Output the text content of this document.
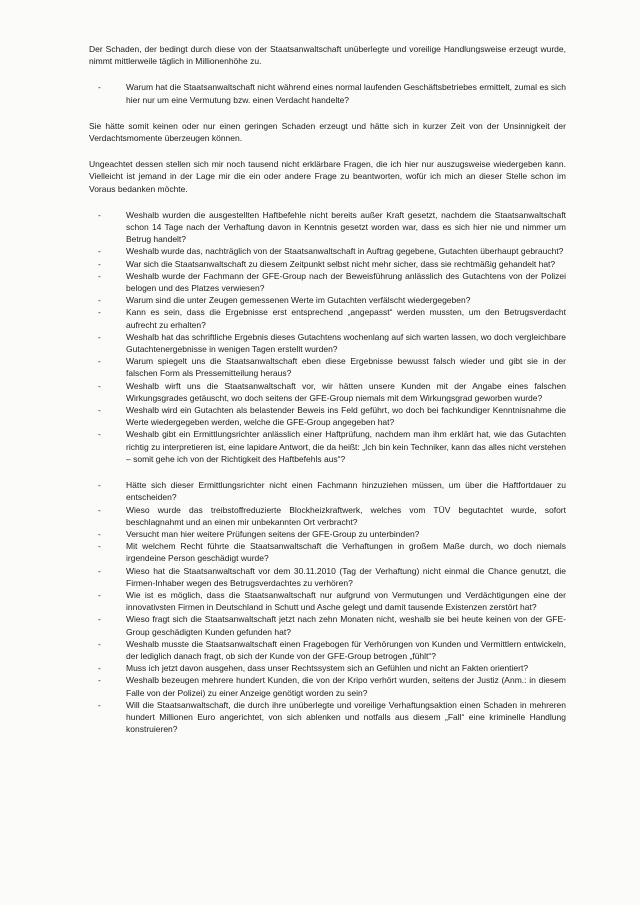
Der Schaden, der bedingt durch diese von der Staatsanwaltschaft unüberlegte und voreilige Handlungsweise erzeugt wurde, nimmt mittlerweile täglich in Millionenhöhe zu.

-	Warum hat die Staatsanwaltschaft nicht während eines normal laufenden Geschäftsbetriebes ermittelt, zumal es sich hier nur um eine Vermutung bzw. einen Verdacht handelte?

Sie hätte somit keinen oder nur einen geringen Schaden erzeugt und hätte sich in kurzer Zeit von der Unsinnigkeit der Verdachtsmomente überzeugen können.

Ungeachtet dessen stellen sich mir noch tausend nicht erklärbare Fragen, die ich hier nur auszugsweise wiedergeben kann. Vielleicht ist jemand in der Lage mir die ein oder andere Frage zu beantworten, wofür ich mich an dieser Stelle schon im Voraus bedanken möchte.

-	Weshalb wurden die ausgestellten Haftbefehle nicht bereits außer Kraft gesetzt, nachdem die Staatsanwaltschaft schon 14 Tage nach der Verhaftung davon in Kenntnis gesetzt worden war, dass es sich hier nie und nimmer um Betrug handelt?
-	Weshalb wurde das, nachträglich von der Staatsanwaltschaft in Auftrag gegebene, Gutachten überhaupt gebraucht?
-	War sich die Staatsanwaltschaft zu diesem Zeitpunkt selbst nicht mehr sicher, dass sie rechtmäßig gehandelt hat?
-	Weshalb wurde der Fachmann der GFE-Group nach der Beweisführung anlässlich des Gutachtens von der Polizei belogen und des Platzes verwiesen?
-	Warum sind die unter Zeugen gemessenen Werte im Gutachten verfälscht wiedergegeben?
-	Kann es sein, dass die Ergebnisse erst entsprechend „angepasst“ werden mussten, um den Betrugsverdacht aufrecht zu erhalten?
-	Weshalb hat das schriftliche Ergebnis dieses Gutachtens wochenlang auf sich warten lassen, wo doch vergleichbare Gutachtenergebnisse in wenigen Tagen erstellt wurden?
-	Warum spiegelt uns die Staatsanwaltschaft eben diese Ergebnisse bewusst falsch wieder und gibt sie in der falschen Form als Pressemitteilung heraus?
-	Weshalb wirft uns die Staatsanwaltschaft vor, wir hätten unsere Kunden mit der Angabe eines falschen Wirkungsgrades getäuscht, wo doch seitens der GFE-Group niemals mit dem Wirkungsgrad geworben wurde?
-	Weshalb wird ein Gutachten als belastender Beweis ins Feld geführt, wo doch bei fachkundiger Kenntnisnahme die Werte wiedergegeben werden, welche die GFE-Group angegeben hat?
-	Weshalb gibt ein Ermittlungsrichter anlässlich einer Haftprüfung, nachdem man ihm erklärt hat, wie das Gutachten richtig zu interpretieren ist, eine lapidare Antwort, die da heißt: „Ich bin kein Techniker, kann das alles nicht verstehen – somit gehe ich von der Richtigkeit des Haftbefehls aus“?
-	Hätte sich dieser Ermittlungsrichter nicht einen Fachmann hinzuziehen müssen, um über die Haftfortdauer zu entscheiden?
-	Wieso wurde das treibstoffreduzierte Blockheizkraftwerk, welches vom TÜV begutachtet wurde, sofort beschlagnahmt und an einen mir unbekannten Ort verbracht?
-	Versucht man hier weitere Prüfungen seitens der GFE-Group zu unterbinden?
-	Mit welchem Recht führte die Staatsanwaltschaft die Verhaftungen in großem Maße durch, wo doch niemals irgendeine Person geschädigt wurde?
-	Wieso hat die Staatsanwaltschaft vor dem 30.11.2010 (Tag der Verhaftung) nicht einmal die Chance genutzt, die Firmen-Inhaber wegen des Betrugsverdachtes zu verhören?
-	Wie ist es möglich, dass die Staatsanwaltschaft nur aufgrund von Vermutungen und Verdächtigungen eine der innovativsten Firmen in Deutschland in Schutt und Asche gelegt und damit tausende Existenzen zerstört hat?
-	Wieso fragt sich die Staatsanwaltschaft jetzt nach zehn Monaten nicht, weshalb sie bei heute keinen von der GFE-Group geschädigten Kunden gefunden hat?
-	Weshalb musste die Staatsanwaltschaft einen Fragebogen für Verhörungen von Kunden und Vermittlern entwickeln, der lediglich danach fragt, ob sich der Kunde von der GFE-Group betrogen „fühlt“?
-	Muss ich jetzt davon ausgehen, dass unser Rechtssystem sich an Gefühlen und nicht an Fakten orientiert?
-	Weshalb bezeugen mehrere hundert Kunden, die von der Kripo verhört wurden, seitens der Justiz (Anm.: in diesem Falle von der Polizei) zu einer Anzeige genötigt worden zu sein?
-	Will die Staatsanwaltschaft, die durch ihre unüberlegte und voreilige Verhaftungsaktion einen Schaden in mehreren hundert Millionen Euro angerichtet, von sich ablenken und notfalls aus diesem „Fall“ eine kriminelle Handlung konstruieren?
